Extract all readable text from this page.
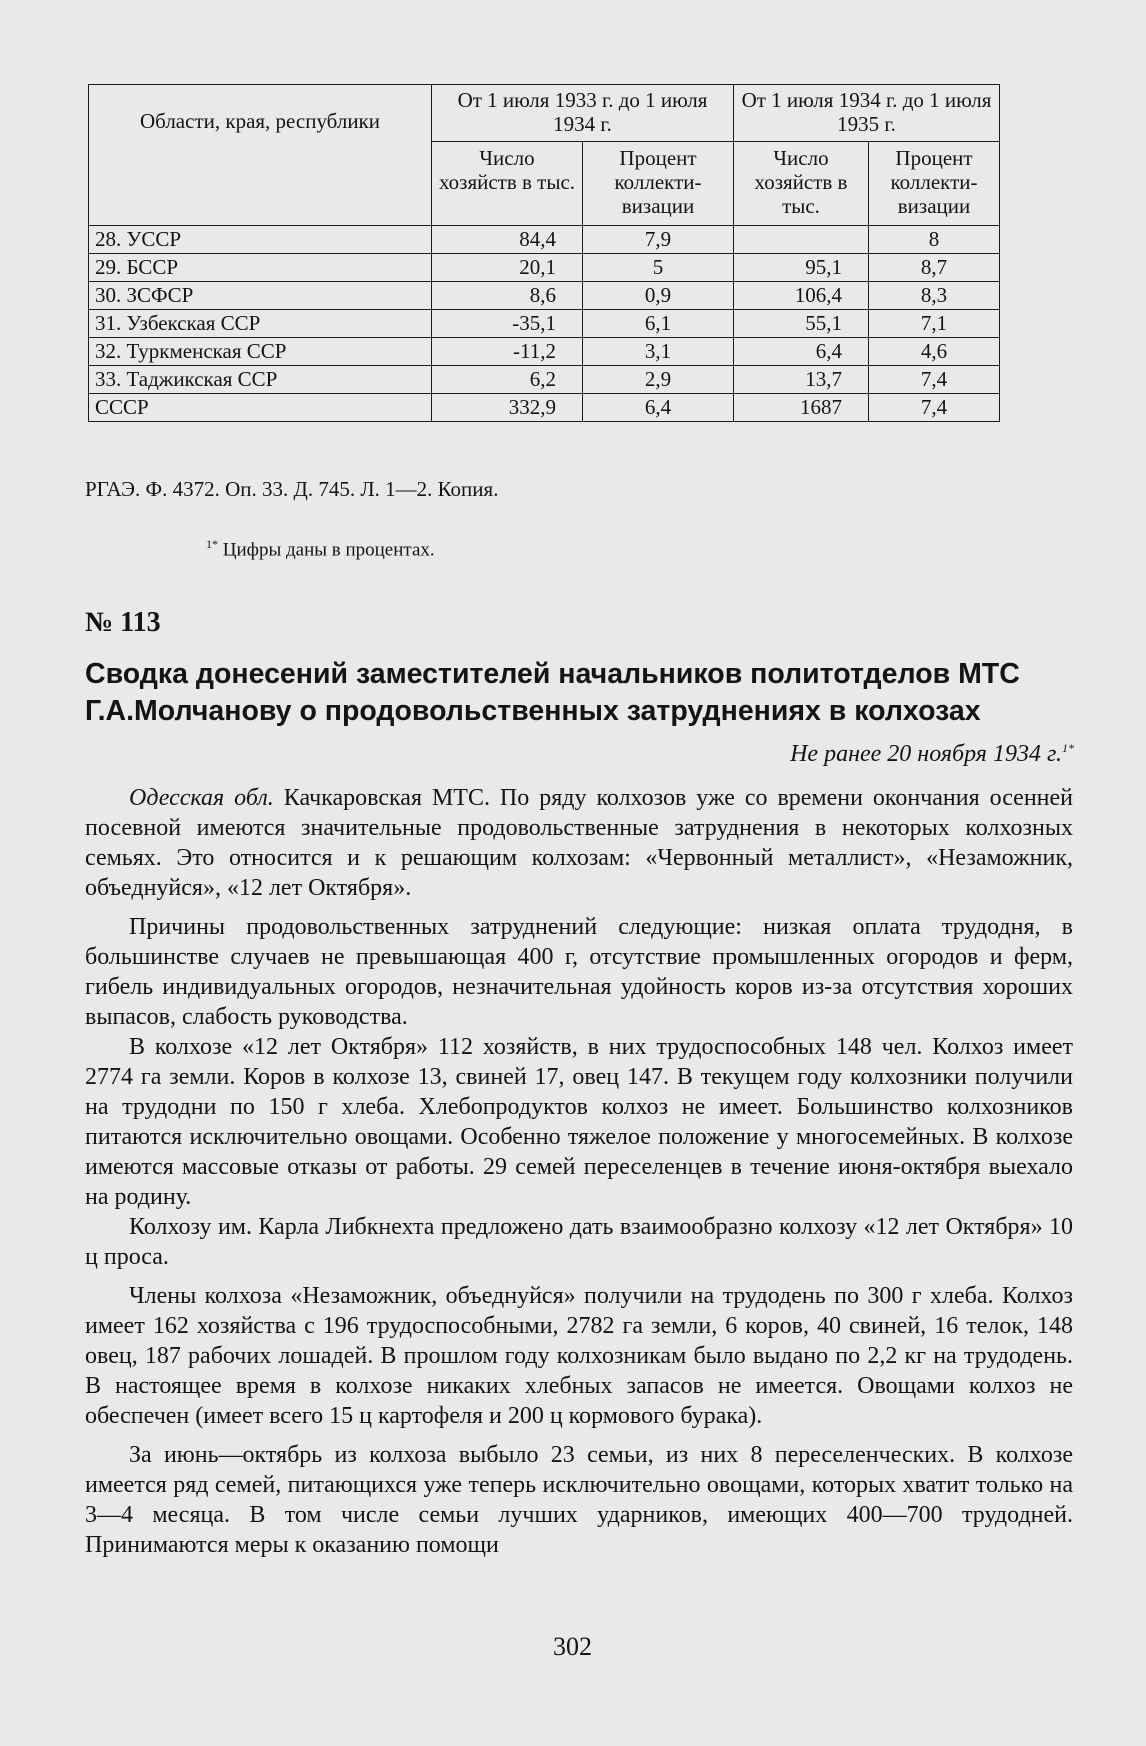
Области, края, республики	От 1 июля 1933 г. до 1 июля 1934 г.		От 1 июля 1934 г. до 1 июля 1935 г.	
	Число хозяйств в тыс.	Процент коллекти-визации	Число хозяйств в тыс.	Процент коллекти-визации
28. УССР	84,4	7,9		8
29. БССР	20,1	5	95,1	8,7
30. ЗСФСР	8,6	0,9	106,4	8,3
31. Узбекская ССР	-35,1	6,1	55,1	7,1
32. Туркменская ССР	-11,2	3,1	6,4	4,6
33. Таджикская ССР	6,2	2,9	13,7	7,4
СССР	332,9	6,4	1687	7,4
РГАЭ. Ф. 4372. Оп. 33. Д. 745. Л. 1—2. Копия.
$^{1*}$ Цифры даны в процентах.
№ 113
Сводка донесений заместителей начальников политотделов МТС Г.А.Молчанову о продовольственных затруднениях в колхозах
Не ранее 20 ноября 1934 г.$^{1*}$

Одесская обл. Качкаровская МТС. По ряду колхозов уже со времени окончания осенней посевной имеются значительные продовольственные затруднения в некоторых колхозных семьях. Это относится и к решающим колхозам: «Червонный металлист», «Незаможник, объеднуйся», «12 лет Октября».

Причины продовольственных затруднений следующие: низкая оплата трудодня, в большинстве случаев не превышающая 400 г, отсутствие промышленных огородов и ферм, гибель индивидуальных огородов, незначительная удойность коров из-за отсутствия хороших выпасов, слабость руководства.

В колхозе «12 лет Октября» 112 хозяйств, в них трудоспособных 148 чел. Колхоз имеет 2774 га земли. Коров в колхозе 13, свиней 17, овец 147. В текущем году колхозники получили на трудодни по 150 г хлеба. Хлебопродуктов колхоз не имеет. Большинство колхозников питаются исключительно овощами. Особенно тяжелое положение у многосемейных. В колхозе имеются массовые отказы от работы. 29 семей переселенцев в течение июня-октября выехало на родину.

Колхозу им. Карла Либкнехта предложено дать взаимообразно колхозу «12 лет Октября» 10 ц проса.

Члены колхоза «Незаможник, объеднуйся» получили на трудодень по 300 г хлеба. Колхоз имеет 162 хозяйства с 196 трудоспособными, 2782 га земли, 6 коров, 40 свиней, 16 телок, 148 овец, 187 рабочих лошадей. В прошлом году колхозникам было выдано по 2,2 кг на трудодень. В настоящее время в колхозе никаких хлебных запасов не имеется. Овощами колхоз не обеспечен (имеет всего 15 ц картофеля и 200 ц кормового бурака).

За июнь—октябрь из колхоза выбыло 23 семьи, из них 8 переселенческих. В колхозе имеется ряд семей, питающихся уже теперь исключительно овощами, которых хватит только на 3—4 месяца. В том числе семьи лучших ударников, имеющих 400—700 трудодней. Принимаются меры к оказанию помощи

302
